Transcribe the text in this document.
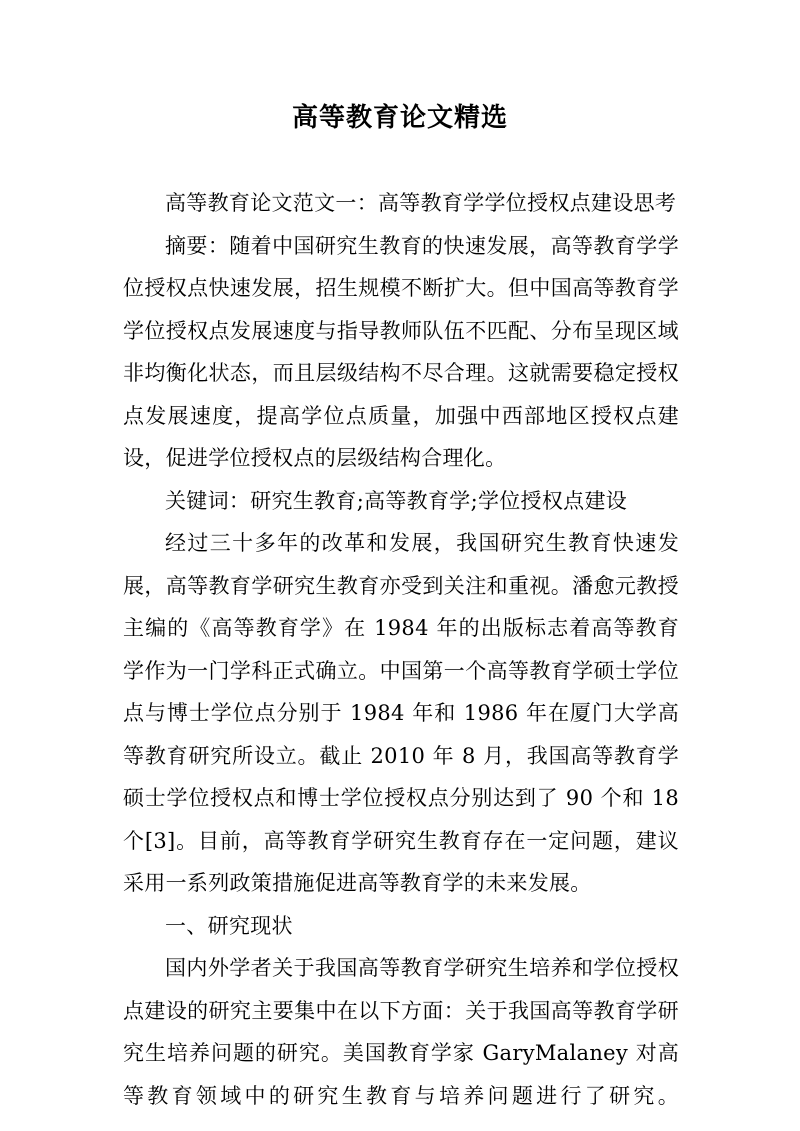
高等教育论文精选

高等教育论文范文一：高等教育学学位授权点建设思考

摘要：随着中国研究生教育的快速发展，高等教育学学位授权点快速发展，招生规模不断扩大。但中国高等教育学学位授权点发展速度与指导教师队伍不匹配、分布呈现区域非均衡化状态，而且层级结构不尽合理。这就需要稳定授权点发展速度，提高学位点质量，加强中西部地区授权点建设，促进学位授权点的层级结构合理化。

关键词：研究生教育;高等教育学;学位授权点建设

经过三十多年的改革和发展，我国研究生教育快速发展，高等教育学研究生教育亦受到关注和重视。潘愈元教授主编的《高等教育学》在 1984 年的出版标志着高等教育学作为一门学科正式确立。中国第一个高等教育学硕士学位点与博士学位点分别于 1984 年和 1986 年在厦门大学高等教育研究所设立。截止 2010 年 8 月，我国高等教育学硕士学位授权点和博士学位授权点分别达到了 90 个和 18 个[3]。目前，高等教育学研究生教育存在一定问题，建议采用一系列政策措施促进高等教育学的未来发展。

一、研究现状

国内外学者关于我国高等教育学研究生培养和学位授权点建设的研究主要集中在以下方面：关于我国高等教育学研究生培养问题的研究。美国教育学家 GaryMalaney 对高等教育领域中的研究生教育与培养问题进行了研究。
